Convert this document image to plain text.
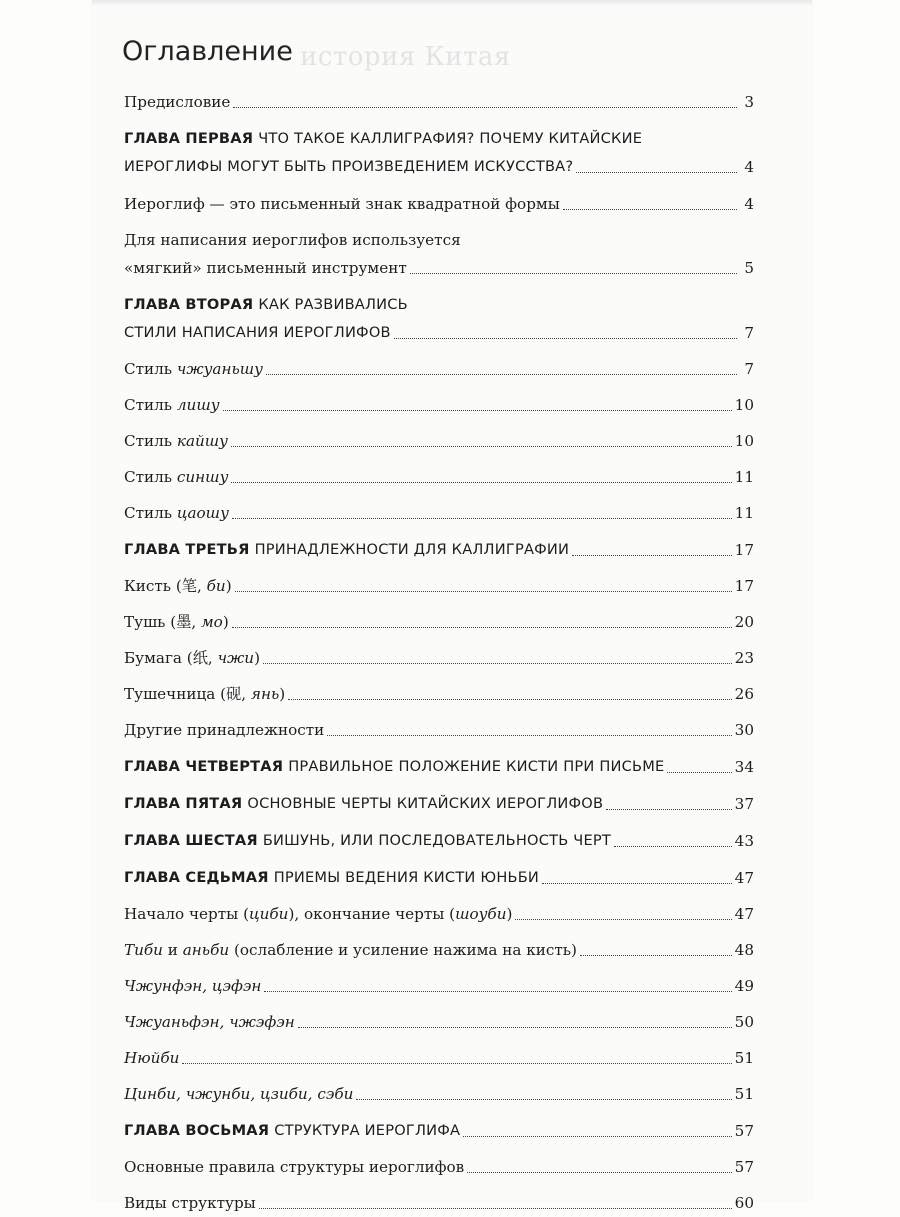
история Китая
Оглавление
Предисловие	3
ГЛАВА ПЕРВАЯ ЧТО ТАКОЕ КАЛЛИГРАФИЯ? ПОЧЕМУ КИТАЙСКИЕ
ИЕРОГЛИФЫ МОГУТ БЫТЬ ПРОИЗВЕДЕНИЕМ ИСКУССТВА?	4
Иероглиф — это письменный знак квадратной формы	4
Для написания иероглифов используется
«мягкий» письменный инструмент	5
ГЛАВА ВТОРАЯ КАК РАЗВИВАЛИСЬ
СТИЛИ НАПИСАНИЯ ИЕРОГЛИФОВ	7
Стиль чжуаньшу	7
Стиль лишу	10
Стиль кайшу	10
Стиль синшу	11
Стиль цаошу	11
ГЛАВА ТРЕТЬЯ ПРИНАДЛЕЖНОСТИ ДЛЯ КАЛЛИГРАФИИ	17
Кисть (笔, би)	17
Тушь (墨, мо)	20
Бумага (纸, чжи)	23
Тушечница (砚, янь)	26
Другие принадлежности	30
ГЛАВА ЧЕТВЕРТАЯ ПРАВИЛЬНОЕ ПОЛОЖЕНИЕ КИСТИ ПРИ ПИСЬМЕ	34
ГЛАВА ПЯТАЯ ОСНОВНЫЕ ЧЕРТЫ КИТАЙСКИХ ИЕРОГЛИФОВ	37
ГЛАВА ШЕСТАЯ БИШУНЬ, ИЛИ ПОСЛЕДОВАТЕЛЬНОСТЬ ЧЕРТ	43
ГЛАВА СЕДЬМАЯ ПРИЕМЫ ВЕДЕНИЯ КИСТИ ЮНЬБИ	47
Начало черты (циби), окончание черты (шоуби)	47
Тиби и аньби (ослабление и усиление нажима на кисть)	48
Чжунфэн, цэфэн	49
Чжуаньфэн, чжэфэн	50
Нюйби	51
Цинби, чжунби, цзиби, сэби	51
ГЛАВА ВОСЬМАЯ СТРУКТУРА ИЕРОГЛИФА	57
Основные правила структуры иероглифов	57
Виды структуры	60
